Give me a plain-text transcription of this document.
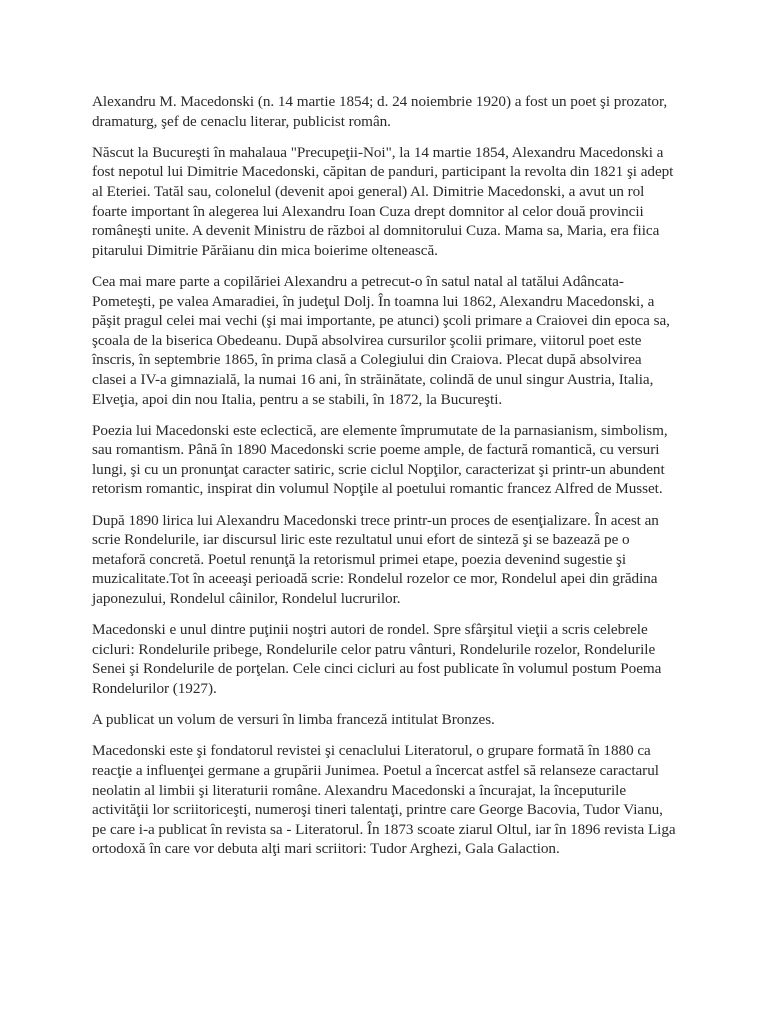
Alexandru M. Macedonski (n. 14 martie 1854; d. 24 noiembrie 1920) a fost un poet şi prozator, dramaturg, şef de cenaclu literar, publicist român.

Născut la Bucureşti în mahalaua "Precupeţii-Noi", la 14 martie 1854, Alexandru Macedonski a fost nepotul lui Dimitrie Macedonski, căpitan de panduri, participant la revolta din 1821 şi adept al Eteriei. Tatăl sau, colonelul (devenit apoi general) Al. Dimitrie Macedonski, a avut un rol foarte important în alegerea lui Alexandru Ioan Cuza drept domnitor al celor două provincii româneşti unite. A devenit Ministru de război al domnitorului Cuza. Mama sa, Maria, era fiica pitarului Dimitrie Părăianu din mica boierime oltenească.

Cea mai mare parte a copilăriei Alexandru a petrecut-o în satul natal al tatălui Adâncata-Pometeşti, pe valea Amaradiei, în judeţul Dolj. În toamna lui 1862, Alexandru Macedonski, a păşit pragul celei mai vechi (şi mai importante, pe atunci) şcoli primare a Craiovei din epoca sa, şcoala de la biserica Obedeanu. După absolvirea cursurilor şcolii primare, viitorul poet este înscris, în septembrie 1865, în prima clasă a Colegiului din Craiova. Plecat după absolvirea clasei a IV-a gimnazială, la numai 16 ani, în străinătate, colindă de unul singur Austria, Italia, Elveţia, apoi din nou Italia, pentru a se stabili, în 1872, la Bucureşti.

Poezia lui Macedonski este eclectică, are elemente împrumutate de la parnasianism, simbolism, sau romantism. Până în 1890 Macedonski scrie poeme ample, de factură romantică, cu versuri lungi, şi cu un pronunţat caracter satiric, scrie ciclul Nopţilor, caracterizat şi printr-un abundent retorism romantic, inspirat din volumul Nopţile al poetului romantic francez Alfred de Musset.

După 1890 lirica lui Alexandru Macedonski trece printr-un proces de esenţializare. În acest an scrie Rondelurile, iar discursul liric este rezultatul unui efort de sinteză şi se bazează pe o metaforă concretă. Poetul renunţă la retorismul primei etape, poezia devenind sugestie şi muzicalitate.Tot în aceeaşi perioadă scrie: Rondelul rozelor ce mor, Rondelul apei din grădina japonezului, Rondelul câinilor, Rondelul lucrurilor.

Macedonski e unul dintre puţinii noştri autori de rondel. Spre sfârşitul vieţii a scris celebrele cicluri: Rondelurile pribege, Rondelurile celor patru vânturi, Rondelurile rozelor, Rondelurile Senei şi Rondelurile de porţelan. Cele cinci cicluri au fost publicate în volumul postum Poema Rondelurilor (1927).

A publicat un volum de versuri în limba franceză intitulat Bronzes.

Macedonski este şi fondatorul revistei şi cenaclului Literatorul, o grupare formată în 1880 ca reacţie a influenţei germane a grupării Junimea. Poetul a încercat astfel să relanseze caractarul neolatin al limbii şi literaturii române. Alexandru Macedonski a încurajat, la începuturile activităţii lor scriitoriceşti, numeroşi tineri talentaţi, printre care George Bacovia, Tudor Vianu, pe care i-a publicat în revista sa - Literatorul. În 1873 scoate ziarul Oltul, iar în 1896 revista Liga ortodoxă în care vor debuta alţi mari scriitori: Tudor Arghezi, Gala Galaction.
